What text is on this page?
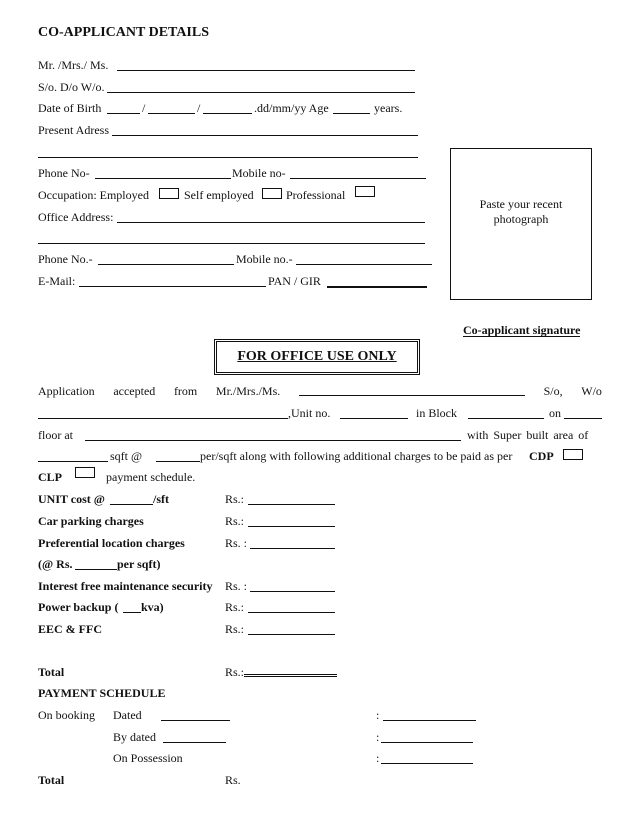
CO-APPLICANT DETAILS
Mr. /Mrs./ Ms.
S/o. D/o W/o.
Date of Birth	/	/	.dd/mm/yy Age	years.
Present Adress
Phone No-	Mobile no-
Occupation: Employed	Self employed	Professional
Office Address:
Phone No.-	Mobile no.-
E-Mail:	PAN / GIR
Paste your recent photograph
Co-applicant signature
FOR OFFICE USE ONLY
Application accepted from Mr./Mrs./Ms.	S/o, W/o
,Unit no.	in Block	on
floor at	with Super built area of
sqft @	per/sqft along with following additional charges to be paid as per CDP
CLP	payment schedule.
UNIT cost @	/sft	Rs.:
Car parking charges	Rs.:
Preferential location charges	Rs. :
(@ Rs.	per sqft)
Interest free maintenance security Rs. :
Power backup ( kva)	Rs.:
EEC & FFC	Rs.:
Total	Rs.:
PAYMENT SCHEDULE
On booking Dated	:
By dated	:
On Possession	:
Total	Rs.
